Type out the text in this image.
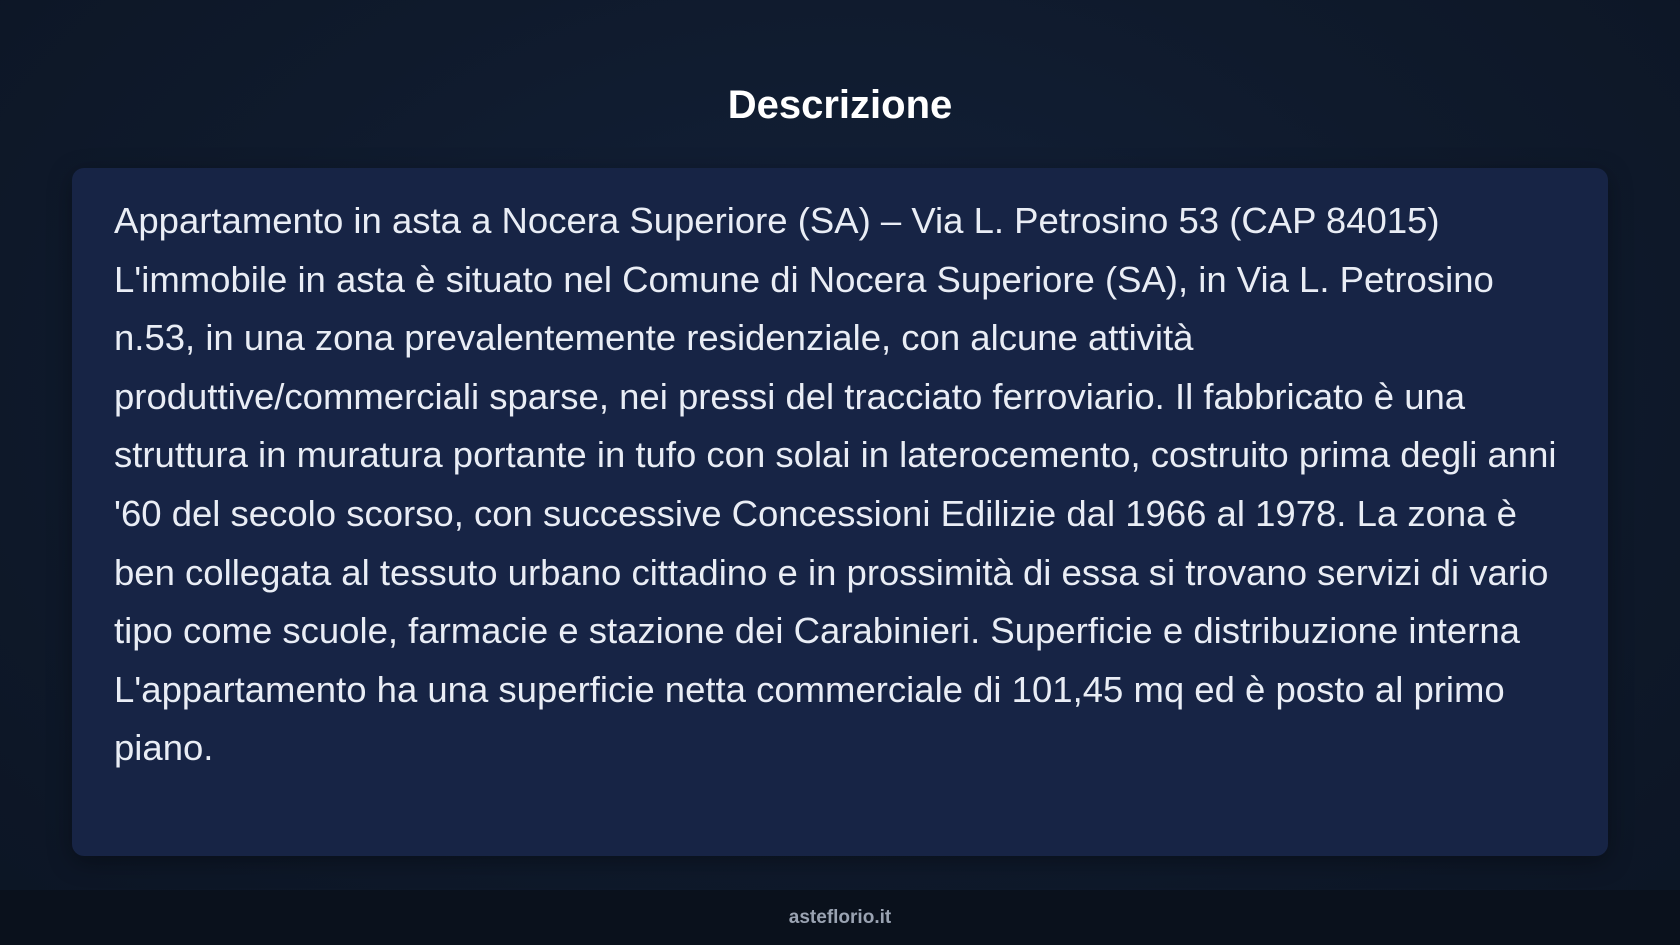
Descrizione

Appartamento in asta a Nocera Superiore (SA) – Via L. Petrosino 53 (CAP 84015) L'immobile in asta è situato nel Comune di Nocera Superiore (SA), in Via L. Petrosino n.53, in una zona prevalentemente residenziale, con alcune attività produttive/commerciali sparse, nei pressi del tracciato ferroviario. Il fabbricato è una struttura in muratura portante in tufo con solai in laterocemento, costruito prima degli anni '60 del secolo scorso, con successive Concessioni Edilizie dal 1966 al 1978. La zona è ben collegata al tessuto urbano cittadino e in prossimità di essa si trovano servizi di vario tipo come scuole, farmacie e stazione dei Carabinieri. Superficie e distribuzione interna L'appartamento ha una superficie netta commerciale di 101,45 mq ed è posto al primo piano.

asteflorio.it
